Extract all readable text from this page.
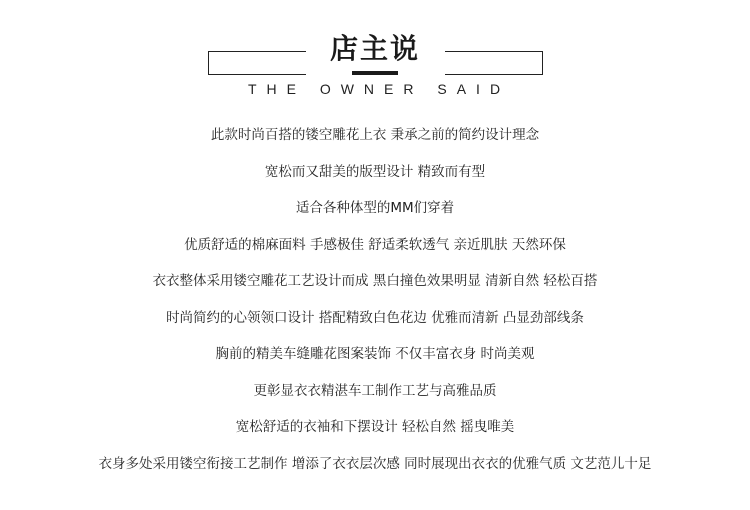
店主说
THE OWNER SAID
此款时尚百搭的镂空雕花上衣 秉承之前的简约设计理念
宽松而又甜美的版型设计 精致而有型
适合各种体型的MM们穿着
优质舒适的棉麻面料 手感极佳 舒适柔软透气 亲近肌肤 天然环保
衣衣整体采用镂空雕花工艺设计而成 黑白撞色效果明显 清新自然 轻松百搭
时尚简约的心领领口设计 搭配精致白色花边 优雅而清新 凸显劲部线条
胸前的精美车缝雕花图案装饰 不仅丰富衣身 时尚美观
更彰显衣衣精湛车工制作工艺与高雅品质
宽松舒适的衣袖和下摆设计 轻松自然 摇曳唯美
衣身多处采用镂空衔接工艺制作 增添了衣衣层次感 同时展现出衣衣的优雅气质 文艺范儿十足
